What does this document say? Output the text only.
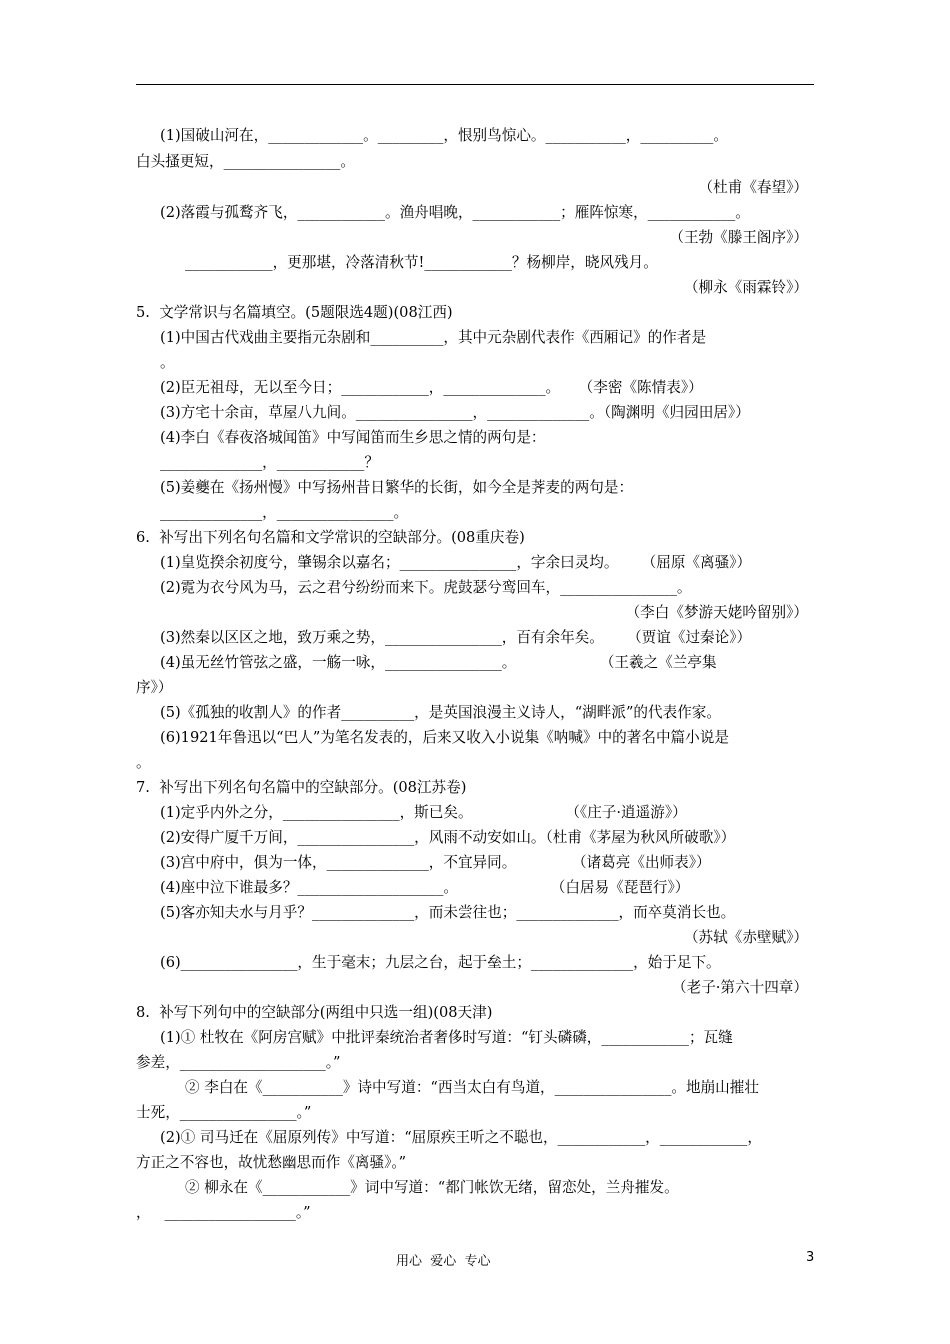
(1)国破山河在，_____________。_________，恨别鸟惊心。___________，__________。
白头搔更短，________________。
（杜甫《春望》）
(2)落霞与孤鹜齐飞，____________。渔舟唱晚，____________；雁阵惊寒，____________。
（王勃《滕王阁序》）
____________，更那堪，冷落清秋节!____________？杨柳岸，晓风残月。
（柳永《雨霖铃》）
5.  文学常识与名篇填空。(5题限选4题)(08江西)
(1)中国古代戏曲主要指元杂剧和__________，其中元杂剧代表作《西厢记》的作者是
。
(2)臣无祖母，无以至今日；____________，______________。    （李密《陈情表》）
(3)方宅十余亩，草屋八九间。________________，______________。（陶渊明《归园田居》）
(4)李白《春夜洛城闻笛》中写闻笛而生乡思之情的两句是：
______________，____________？
(5)姜夔在《扬州慢》中写扬州昔日繁华的长街，如今全是荠麦的两句是：
______________，________________。
6.  补写出下列名句名篇和文学常识的空缺部分。(08重庆卷)
(1)皇览揆余初度兮，肇锡余以嘉名；________________，字余曰灵均。     （屈原《离骚》）
(2)霓为衣兮风为马，云之君兮纷纷而来下。虎鼓瑟兮鸾回车，________________。
（李白《梦游天姥吟留别》）
(3)然秦以区区之地，致万乘之势，________________，百有余年矣。     （贾谊《过秦论》）
(4)虽无丝竹管弦之盛，一觞一咏，________________。                  （王羲之《兰亭集
序》）
(5)《孤独的收割人》的作者__________，是英国浪漫主义诗人，“湖畔派”的代表作家。
(6)1921年鲁迅以“巴人”为笔名发表的，后来又收入小说集《呐喊》中的著名中篇小说是
。
7.  补写出下列名句名篇中的空缺部分。(08江苏卷)
(1)定乎内外之分，________________，斯已矣。                    （《庄子·逍遥游》）
(2)安得广厦千万间，________________，风雨不动安如山。（杜甫《茅屋为秋风所破歌》）
(3)宫中府中，俱为一体，______________，不宜异同。            （诸葛亮《出师表》）
(4)座中泣下谁最多？____________________。                    （白居易《琵琶行》）
(5)客亦知夫水与月乎？______________，而未尝往也；______________，而卒莫消长也。
（苏轼《赤壁赋》）
(6)________________，生于毫末；九层之台，起于垒土；______________，始于足下。
（老子·第六十四章）
8.  补写下列句中的空缺部分(两组中只选一组)(08天津)
(1)① 杜牧在《阿房宫赋》中批评秦统治者奢侈时写道：“钉头磷磷，____________；瓦缝
参差，____________________。”
② 李白在《___________》诗中写道：“西当太白有鸟道，________________。地崩山摧壮
士死，________________。”
(2)① 司马迁在《屈原列传》中写道：“屈原疾王听之不聪也，____________，____________，
方正之不容也，故忧愁幽思而作《离骚》。”
② 柳永在《____________》词中写道：“都门帐饮无绪，留恋处，兰舟摧发。
，   __________________。”
用心  爱心  专心	3
